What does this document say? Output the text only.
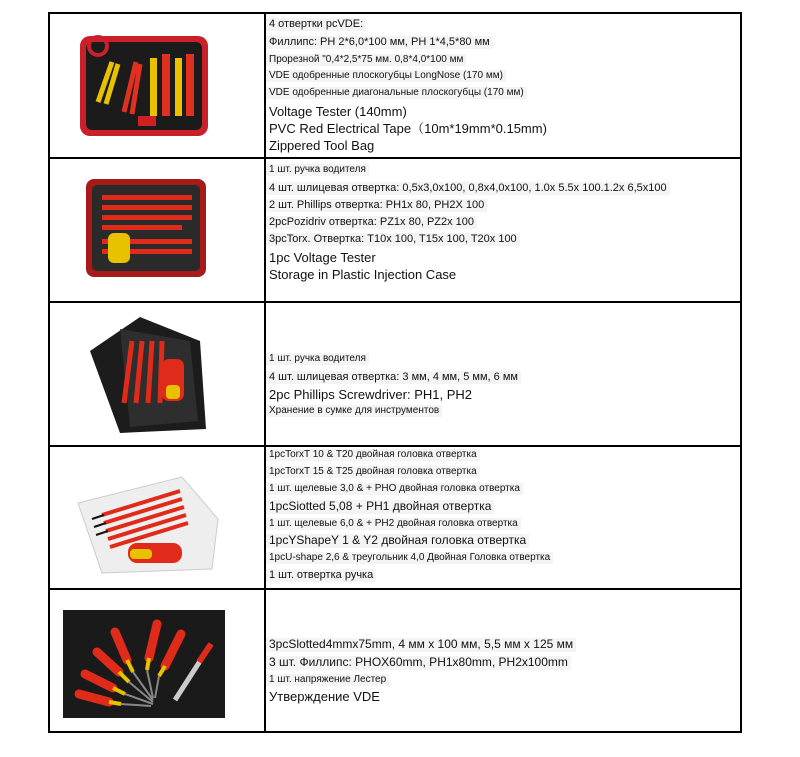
4 отвертки pcVDE:
Филлипс: PH 2*6,0*100 мм, PH 1*4,5*80 мм
Прорезной "0,4*2,5*75 мм. 0,8*4,0*100 мм
VDE одобренные плоскогубцы LongNose (170 мм)
VDE одобренные диагональные плоскогубцы (170 мм)
Voltage Tester (140mm)
PVC Red Electrical Tape（10m*19mm*0.15mm)
Zippered Tool Bag
1 шт. ручка водителя
4 шт. шлицевая отвертка: 0,5x3,0x100, 0,8x4,0x100, 1.0x 5.5x 100.1.2x 6,5x100
2 шт. Phillips отвертка: PH1x 80, PH2X 100
2pcPozidriv отвертка: PZ1x 80, PZ2x 100
3pcTorx. Отвертка: T10x 100, T15x 100, T20x 100
1pc Voltage Tester
Storage in Plastic Injection Case
1 шт. ручка водителя
4 шт. шлицевая отвертка: 3 мм, 4 мм, 5 мм, 6 мм
2pc Phillips Screwdriver: PH1, PH2
Хранение в сумке для инструментов
1pcTorxT 10 & T20 двойная головка отвертка
1pcTorxT 15 & T25 двойная головка отвертка
1 шт. щелевые 3,0 & + PHO двойная головка отвертка
1pcSiotted 5,08 + PH1 двойная отвертка
1 шт. щелевые 6,0 & + PH2 двойная головка отвертка
1pcYShapeY 1 & Y2 двойная головка отвертка
1pcU-shape 2,6 & треугольник 4,0 Двойная Головка отвертка
1 шт. отвертка ручка
3pcSlotted4mmx75mm, 4 мм x 100 мм, 5,5 мм x 125 мм
3 шт. Филлипс: PHOX60mm, PH1x80mm, PH2x100mm
1 шт. напряжение Лестер
Утверждение VDE
